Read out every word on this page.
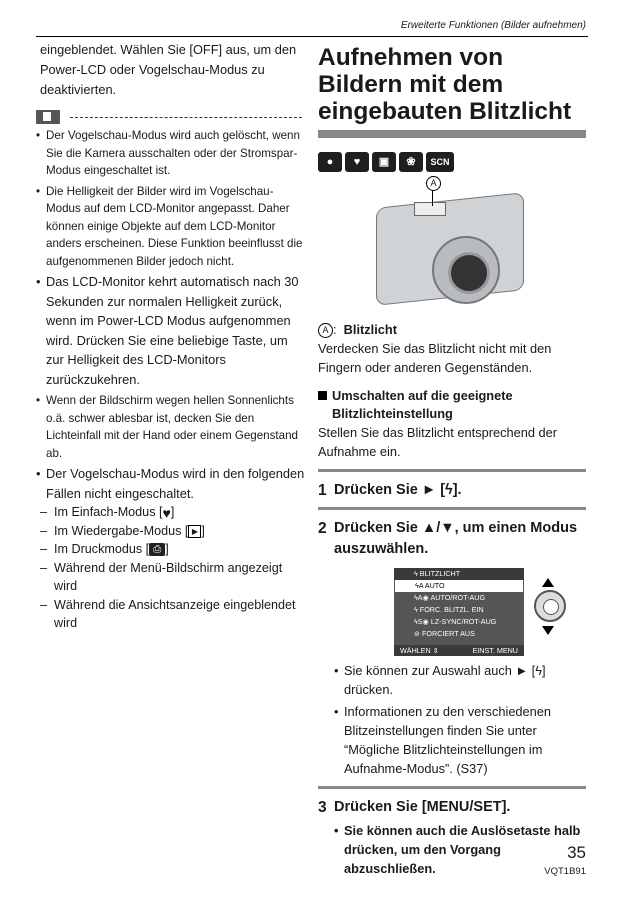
Erweiterte Funktionen (Bilder aufnehmen)

eingeblendet. Wählen Sie [OFF] aus, um den Power-LCD oder Vogelschau-Modus zu deaktivierten.

• Der Vogelschau-Modus wird auch gelöscht, wenn Sie die Kamera ausschalten oder der Stromspar-Modus eingeschaltet ist.

• Die Helligkeit der Bilder wird im Vogelschau-Modus auf dem LCD-Monitor angepasst. Daher können einige Objekte auf dem LCD-Monitor anders erscheinen. Diese Funktion beeinflusst die aufgenommenen Bilder jedoch nicht.

• Das LCD-Monitor kehrt automatisch nach 30 Sekunden zur normalen Helligkeit zurück, wenn im Power-LCD Modus aufgenommen wird. Drücken Sie eine beliebige Taste, um zur Helligkeit des LCD-Monitors zurückzukehren.

• Wenn der Bildschirm wegen hellen Sonnenlichts o.ä. schwer ablesbar ist, decken Sie den Lichteinfall mit der Hand oder einem Gegenstand ab.

• Der Vogelschau-Modus wird in den folgenden Fällen nicht eingeschaltet.

– Im Einfach-Modus [♥]
– Im Wiedergabe-Modus [ ▶ ]
– Im Druckmodus [ ⎙ ]
– Während der Menü-Bildschirm angezeigt wird
– Während die Ansichtsanzeige eingeblendet wird
Aufnehmen von Bildern mit dem eingebauten Blitzlicht
●	♥	▣	❀	SCN
A

A :  Blitzlicht

Verdecken Sie das Blitzlicht nicht mit den Fingern oder anderen Gegenständen.

Umschalten auf die geeignete Blitzlichteinstellung

Stellen Sie das Blitzlicht entsprechend der Aufnahme ein.

1 Drücken Sie ► [ϟ].
2 Drücken Sie ▲/▼, um einen Modus auszuwählen.
ϟ BLITZLICHT
ϟA AUTO
ϟA◉ AUTO/ROT-AUG
ϟ FORC. BLITZL. EIN
ϟS◉ LZ-SYNC/ROT-AUG
⊘ FORCIERT AUS
WÄHLEN ⇕	EINST. MENU

• Sie können zur Auswahl auch ► [ϟ] drücken.

• Informationen zu den verschiedenen Blitzeinstellungen finden Sie unter “Mögliche Blitzlichteinstellungen im Aufnahme-Modus”. (S37)

3 Drücken Sie [MENU/SET].

• Sie können auch die Auslösetaste halb drücken, um den Vorgang abzuschließen.

35
VQT1B91
